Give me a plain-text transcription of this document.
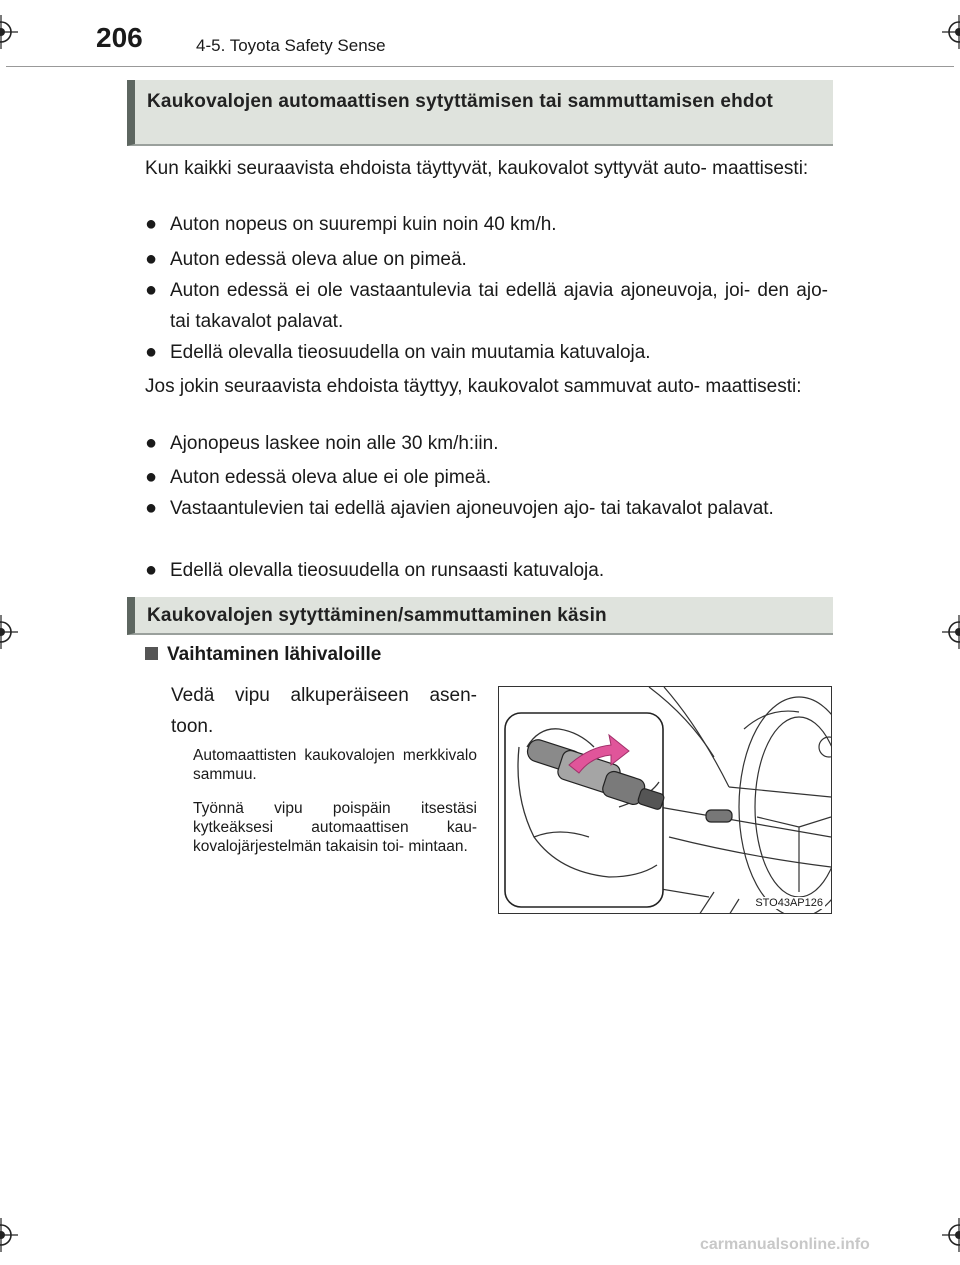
206	4-5. Toyota Safety Sense
Kaukovalojen automaattisen sytyttämisen tai sammuttamisen ehdot

Kun kaikki seuraavista ehdoista täyttyvät, kaukovalot syttyvät auto- maattisesti:

● Auton nopeus on suurempi kuin noin 40 km/h.
● Auton edessä oleva alue on pimeä.
● Auton edessä ei ole vastaantulevia tai edellä ajavia ajoneuvoja, joi- den ajo- tai takavalot palavat.
● Edellä olevalla tieosuudella on vain muutamia katuvaloja.

Jos jokin seuraavista ehdoista täyttyy, kaukovalot sammuvat auto- maattisesti:

● Ajonopeus laskee noin alle 30 km/h:iin.
● Auton edessä oleva alue ei ole pimeä.
● Vastaantulevien tai edellä ajavien ajoneuvojen ajo- tai takavalot palavat.
● Edellä olevalla tieosuudella on runsaasti katuvaloja.
Kaukovalojen sytyttäminen/sammuttaminen käsin
Vaihtaminen lähivaloille
Vedä vipu alkuperäiseen asen- toon.
Automaattisten kaukovalojen merkkivalo sammuu.
Työnnä vipu poispäin itsestäsi kytkeäksesi automaattisen kau- kovalojärjestelmän takaisin toi- mintaan.
STO43AP126
carmanualsonline.info
